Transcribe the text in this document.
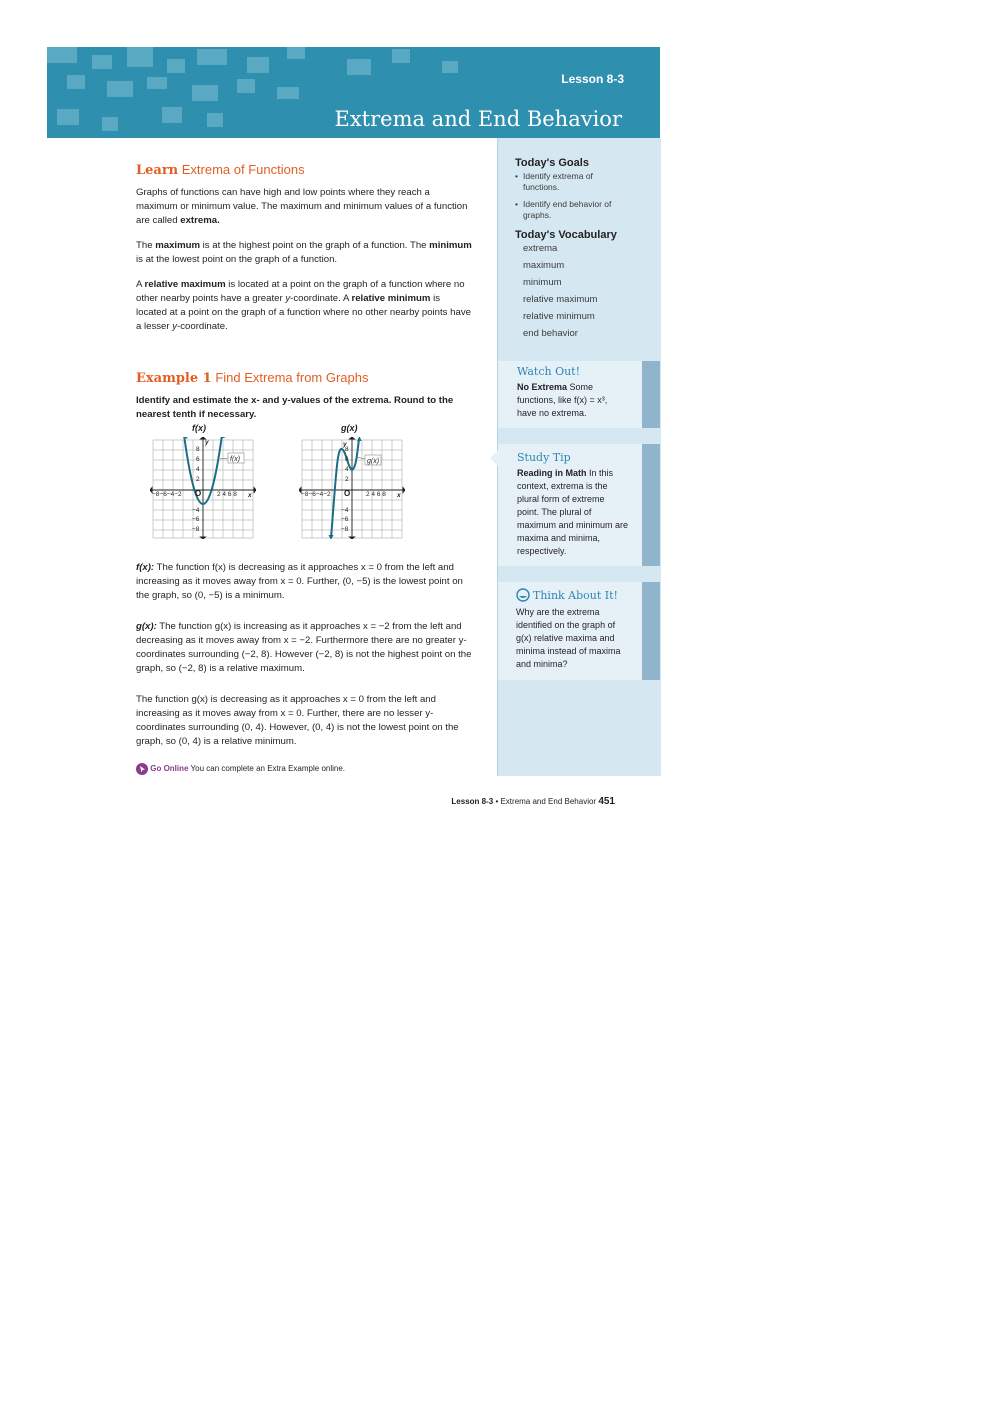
Lesson 8-3
Extrema and End Behavior
Today's Goals
• Identify extrema of functions.
• Identify end behavior of graphs.
Today's Vocabulary
extrema
maximum
minimum
relative maximum
relative minimum
end behavior
Watch Out!
No Extrema Some functions, like f(x) = x³, have no extrema.
Study Tip
Reading in Math In this context, extrema is the plural form of extreme point. The plural of maximum and minimum are maxima and minima, respectively.
Think About It!
Why are the extrema identified on the graph of g(x) relative maxima and minima instead of maxima and minima?
Learn Extrema of Functions
Graphs of functions can have high and low points where they reach a maximum or minimum value. The maximum and minimum values of a function are called extrema.
The maximum is at the highest point on the graph of a function. The minimum is at the lowest point on the graph of a function.
A relative maximum is located at a point on the graph of a function where no other nearby points have a greater y-coordinate. A relative minimum is located at a point on the graph of a function where no other nearby points have a lesser y-coordinate.
Example 1 Find Extrema from Graphs
Identify and estimate the x- and y-values of the extrema. Round to the nearest tenth if necessary.
f(x)	g(x)
8
6
4
2
−4
−6
−8
−8−6−4−2	2 4 6 8 x
y
O
f(x)
8
6
4
2
−4
−6
−8
−8−6−4−2	2 4 6 8 x
y
O
g(x)
f(x): The function f(x) is decreasing as it approaches x = 0 from the left and increasing as it moves away from x = 0. Further, (0, −5) is the lowest point on the graph, so (0, −5) is a minimum.
g(x): The function g(x) is increasing as it approaches x = −2 from the left and decreasing as it moves away from x = −2. Furthermore there are no greater y-coordinates surrounding (−2, 8). However (−2, 8) is not the highest point on the graph, so (−2, 8) is a relative maximum.
The function g(x) is decreasing as it approaches x = 0 from the left and increasing as it moves away from x = 0. Further, there are no lesser y-coordinates surrounding (0, 4). However, (0, 4) is not the lowest point on the graph, so (0, 4) is a relative minimum.
Go Online You can complete an Extra Example online.
Lesson 8-3 • Extrema and End Behavior 451
